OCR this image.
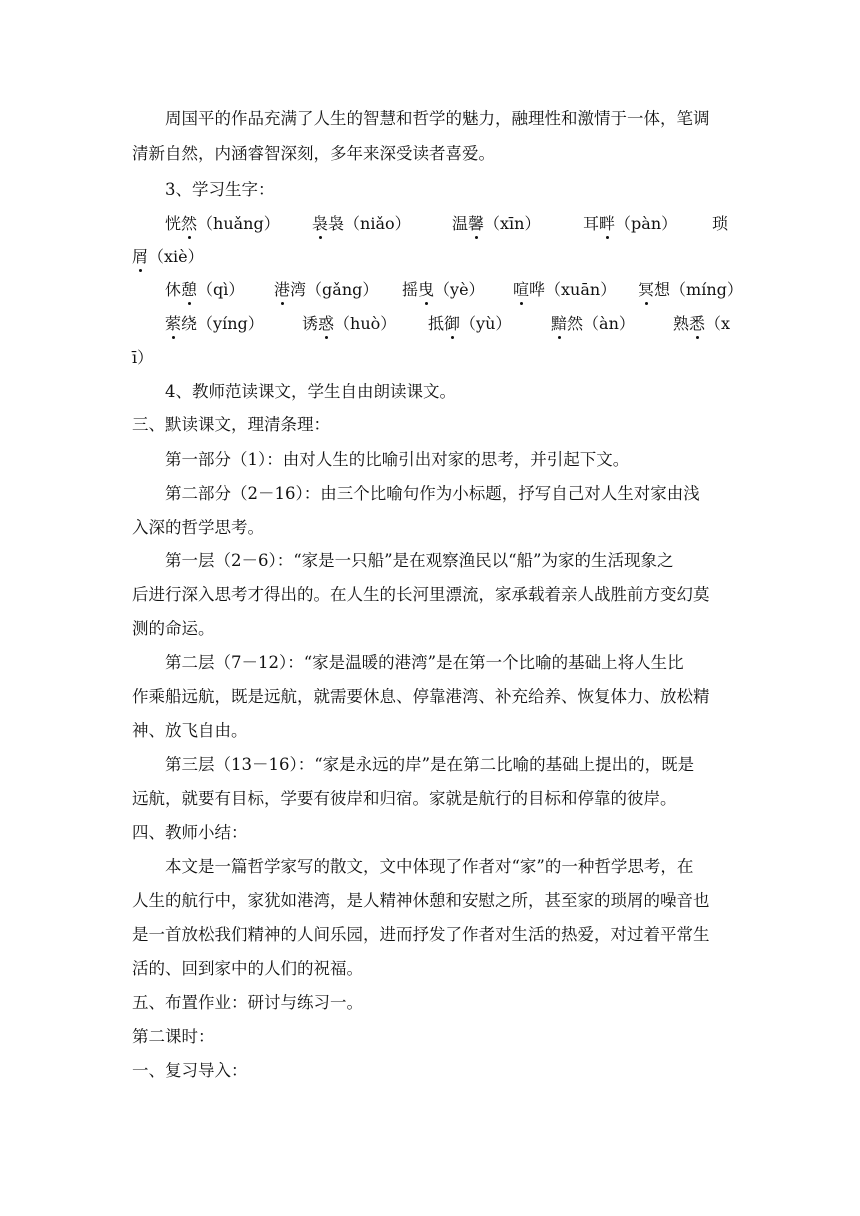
周国平的作品充满了人生的智慧和哲学的魅力，融理性和激情于一体，笔调
清新自然，内涵睿智深刻，多年来深受读者喜爱。
3、学习生字：
恍然（huǎng） 袅袅（niǎo）	温馨（xīn）	耳畔（pàn） 琐
屑（xiè）
休憩（qì） 港湾（gǎng） 摇曳（yè） 喧哗（xuān） 冥想（míng）
萦绕（yíng） 诱惑（huò） 抵御（yù） 黯然（àn） 熟悉（x
ī）
4、教师范读课文，学生自由朗读课文。
三、默读课文，理清条理：
第一部分（1）：由对人生的比喻引出对家的思考，并引起下文。
第二部分（2－16）：由三个比喻句作为小标题，抒写自己对人生对家由浅
入深的哲学思考。
第一层（2－6）：“家是一只船”是在观察渔民以“船”为家的生活现象之
后进行深入思考才得出的。在人生的长河里漂流，家承载着亲人战胜前方变幻莫
测的命运。
第二层（7－12）：“家是温暖的港湾”是在第一个比喻的基础上将人生比
作乘船远航，既是远航，就需要休息、停靠港湾、补充给养、恢复体力、放松精
神、放飞自由。
第三层（13－16）：“家是永远的岸”是在第二比喻的基础上提出的，既是
远航，就要有目标，学要有彼岸和归宿。家就是航行的目标和停靠的彼岸。
四、教师小结：
本文是一篇哲学家写的散文，文中体现了作者对“家”的一种哲学思考，在
人生的航行中，家犹如港湾，是人精神休憩和安慰之所，甚至家的琐屑的噪音也
是一首放松我们精神的人间乐园，进而抒发了作者对生活的热爱，对过着平常生
活的、回到家中的人们的祝福。
五、布置作业：研讨与练习一。
第二课时：
一、复习导入：
